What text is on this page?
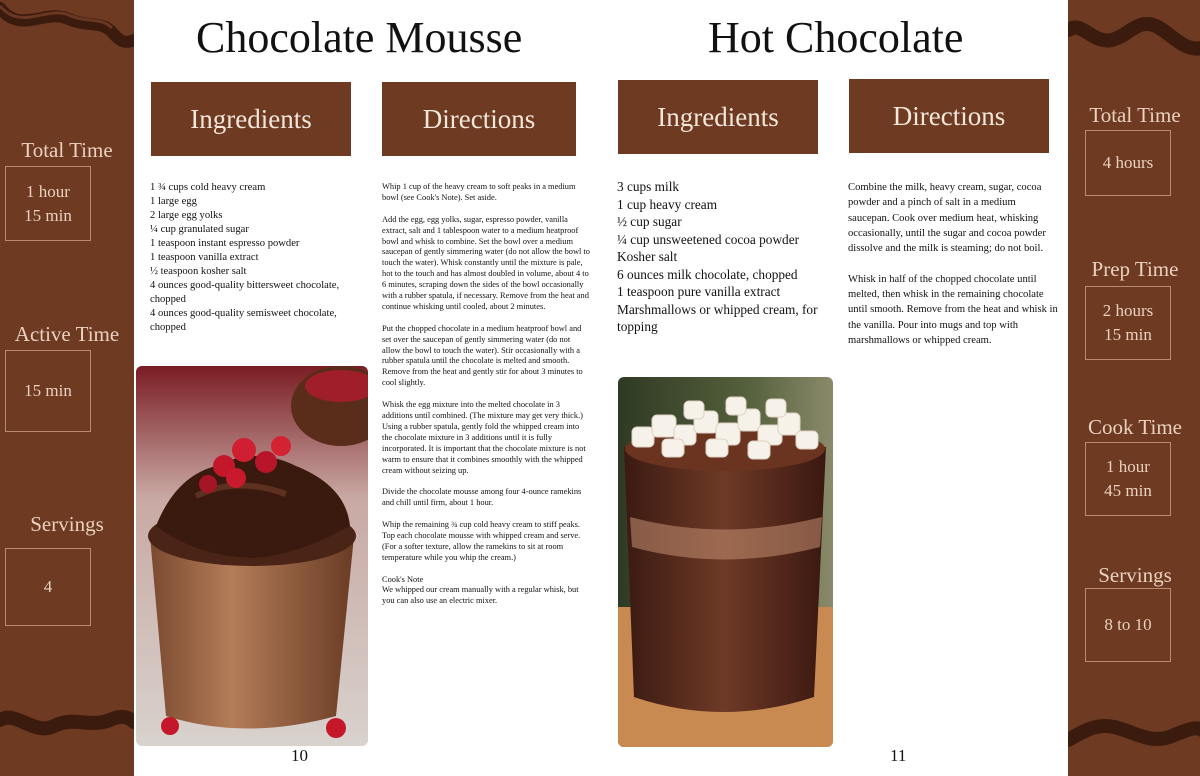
Total Time
1 hour
15 min
Active Time
15 min
Servings
4
Total Time
4 hours
Prep Time
2 hours
15 min
Cook Time
1 hour
45 min
Servings
8 to 10
Chocolate Mousse
Ingredients	Directions
1 ¾ cups cold heavy cream
1 large egg
2 large egg yolks
¼ cup granulated sugar
1 teaspoon instant espresso powder
1 teaspoon vanilla extract
½ teaspoon kosher salt
4 ounces good-quality bittersweet chocolate, chopped
4 ounces good-quality semisweet chocolate, chopped

Whip 1 cup of the heavy cream to soft peaks in a medium bowl (see Cook's Note). Set aside.

Add the egg, egg yolks, sugar, espresso powder, vanilla extract, salt and 1 tablespoon water to a medium heatproof bowl and whisk to combine. Set the bowl over a medium saucepan of gently simmering water (do not allow the bowl to touch the water). Whisk constantly until the mixture is pale, hot to the touch and has almost doubled in volume, about 4 to 6 minutes, scraping down the sides of the bowl occasionally with a rubber spatula, if necessary. Remove from the heat and continue whisking until cooled, about 2 minutes.

Put the chopped chocolate in a medium heatproof bowl and set over the saucepan of gently simmering water (do not allow the bowl to touch the water). Stir occasionally with a rubber spatula until the chocolate is melted and smooth. Remove from the heat and gently stir for about 3 minutes to cool slightly.

Whisk the egg mixture into the melted chocolate in 3 additions until combined. (The mixture may get very thick.) Using a rubber spatula, gently fold the whipped cream into the chocolate mixture in 3 additions until it is fully incorporated. It is important that the chocolate mixture is not warm to ensure that it combines smoothly with the whipped cream without seizing up.

Divide the chocolate mousse among four 4-ounce ramekins and chill until firm, about 1 hour.

Whip the remaining ¾ cup cold heavy cream to stiff peaks. Top each chocolate mousse with whipped cream and serve. (For a softer texture, allow the ramekins to sit at room temperature while you whip the cream.)

Cook's Note
We whipped our cream manually with a regular whisk, but you can also use an electric mixer.
10
Hot Chocolate
Ingredients	Directions
3 cups milk
1 cup heavy cream
½ cup sugar
¼ cup unsweetened cocoa powder
Kosher salt
6 ounces milk chocolate, chopped
1 teaspoon pure vanilla extract
Marshmallows or whipped cream, for topping

Combine the milk, heavy cream, sugar, cocoa powder and a pinch of salt in a medium saucepan. Cook over medium heat, whisking occasionally, until the sugar and cocoa powder dissolve and the milk is steaming; do not boil.

Whisk in half of the chopped chocolate until melted, then whisk in the remaining chocolate until smooth. Remove from the heat and whisk in the vanilla. Pour into mugs and top with marshmallows or whipped cream.

11
